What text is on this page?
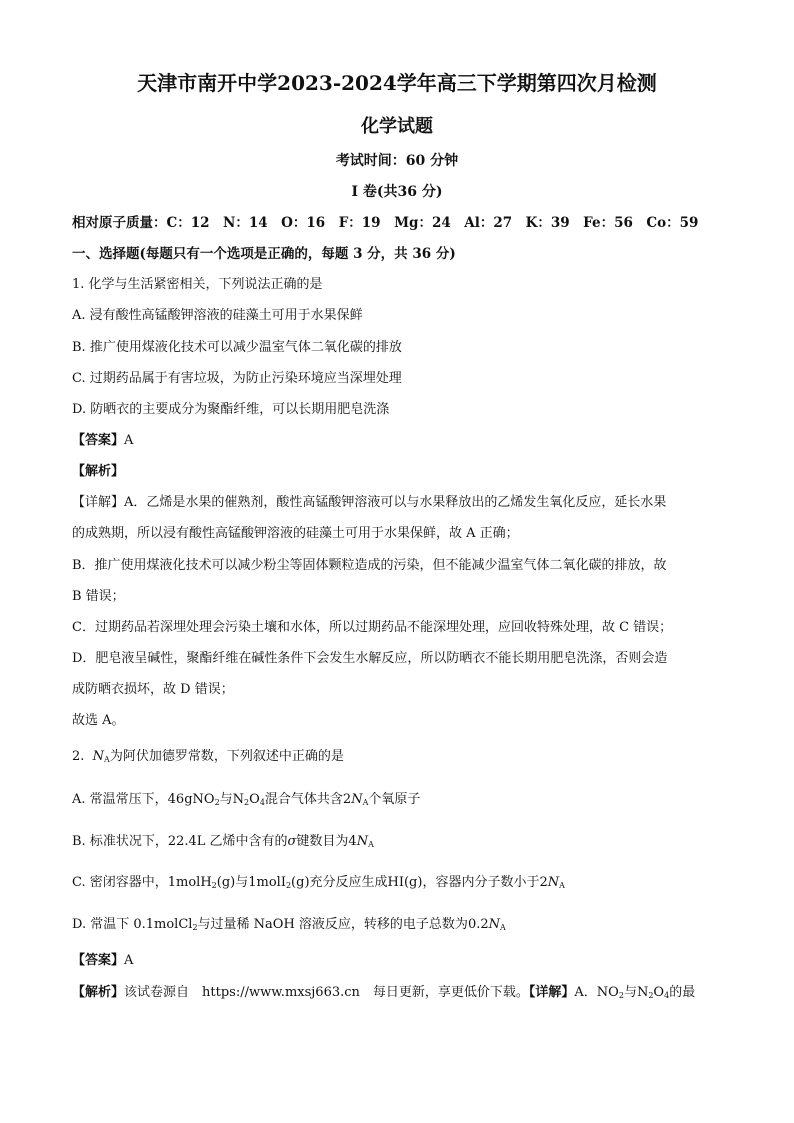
天津市南开中学2023-2024学年高三下学期第四次月检测
化学试题
考试时间：60 分钟
I 卷(共36 分)
相对原子质量：C：12　N：14　O：16　F：19　Mg：24　Al：27　K：39　Fe：56　Co：59
一、选择题(每题只有一个选项是正确的，每题 3 分，共 36 分)
1. 化学与生活紧密相关，下列说法正确的是
A. 浸有酸性高锰酸钾溶液的硅藻土可用于水果保鲜
B. 推广使用煤液化技术可以减少温室气体二氧化碳的排放
C. 过期药品属于有害垃圾，为防止污染环境应当深埋处理
D. 防晒衣的主要成分为聚酯纤维，可以长期用肥皂洗涤
【答案】A
【解析】
【详解】A．乙烯是水果的催熟剂，酸性高锰酸钾溶液可以与水果释放出的乙烯发生氧化反应，延长水果
的成熟期，所以浸有酸性高锰酸钾溶液的硅藻土可用于水果保鲜，故 A 正确；
B．推广使用煤液化技术可以减少粉尘等固体颗粒造成的污染，但不能减少温室气体二氧化碳的排放，故
B 错误；
C．过期药品若深埋处理会污染土壤和水体，所以过期药品不能深埋处理，应回收特殊处理，故 C 错误；
D．肥皂液呈碱性，聚酯纤维在碱性条件下会发生水解反应，所以防晒衣不能长期用肥皂洗涤，否则会造
成防晒衣损坏，故 D 错误；
故选 A。
2. $N_A$为阿伏加德罗常数，下列叙述中正确的是
A. 常温常压下，46gNO$_2$与$N_2O_4$混合气体共含$2N_A$个氧原子
B. 标准状况下，22.4L 乙烯中含有的σ键数目为$4N_A$
C. 密闭容器中，1molH$_2$(g)与1molI$_2$(g)充分反应生成HI(g)，容器内分子数小于$2N_A$
D. 常温下 0.1molCl$_2$与过量稀 NaOH 溶液反应，转移的电子总数为$0.2N_A$
【答案】A
【解析】该试卷源自　https://www.mxsj663.cn　每日更新，享更低价下载。【详解】A．$NO_2$与$N_2O_4$的最
